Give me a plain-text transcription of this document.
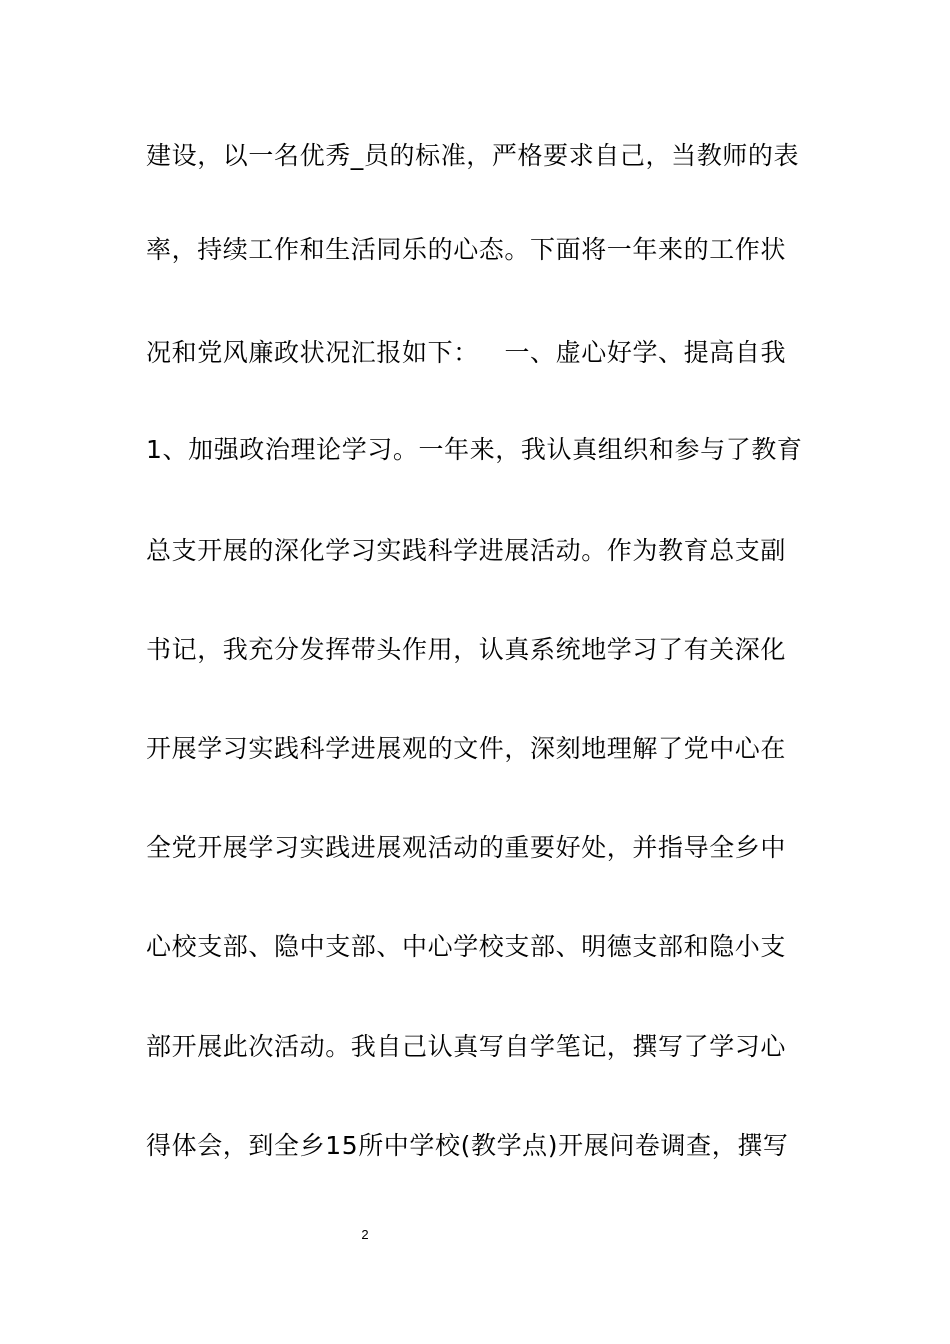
建设，以一名优秀_员的标准，严格要求自己，当教师的表
率，持续工作和生活同乐的心态。下面将一年来的工作状
况和党风廉政状况汇报如下：   一、虚心好学、提高自我
1、加强政治理论学习。一年来，我认真组织和参与了教育
总支开展的深化学习实践科学进展活动。作为教育总支副
书记，我充分发挥带头作用，认真系统地学习了有关深化
开展学习实践科学进展观的文件，深刻地理解了党中心在
全党开展学习实践进展观活动的重要好处，并指导全乡中
心校支部、隐中支部、中心学校支部、明德支部和隐小支
部开展此次活动。我自己认真写自学笔记，撰写了学习心
得体会，到全乡15所中学校(教学点)开展问卷调查，撰写
2
